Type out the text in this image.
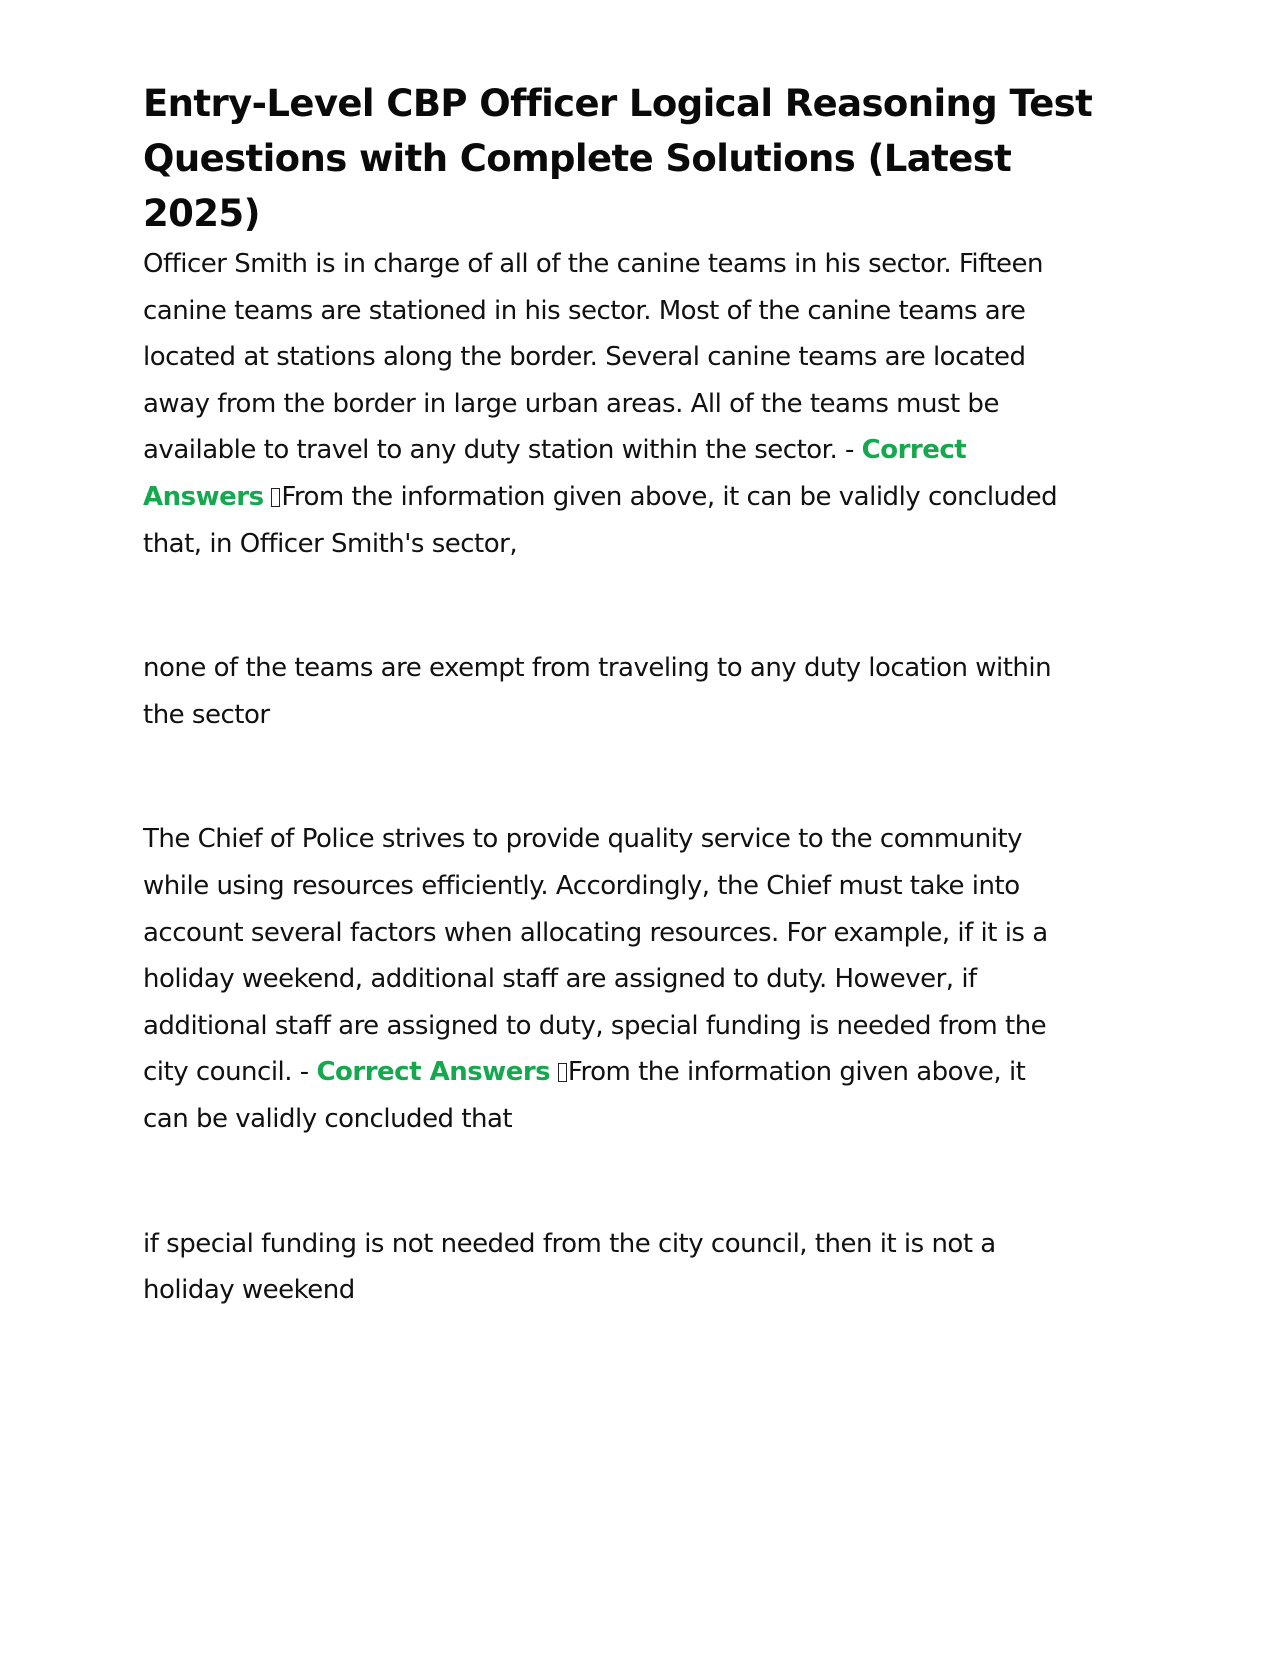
Entry-Level CBP Officer Logical Reasoning Test Questions with Complete Solutions (Latest 2025)

Officer Smith is in charge of all of the canine teams in his sector. Fifteen canine teams are stationed in his sector. Most of the canine teams are located at stations along the border. Several canine teams are located away from the border in large urban areas. All of the teams must be available to travel to any duty station within the sector. - Correct Answers From the information given above, it can be validly concluded that, in Officer Smith's sector,

none of the teams are exempt from traveling to any duty location within the sector

The Chief of Police strives to provide quality service to the community while using resources efficiently. Accordingly, the Chief must take into account several factors when allocating resources. For example, if it is a holiday weekend, additional staff are assigned to duty. However, if additional staff are assigned to duty, special funding is needed from the city council. - Correct Answers From the information given above, it can be validly concluded that

if special funding is not needed from the city council, then it is not a holiday weekend
